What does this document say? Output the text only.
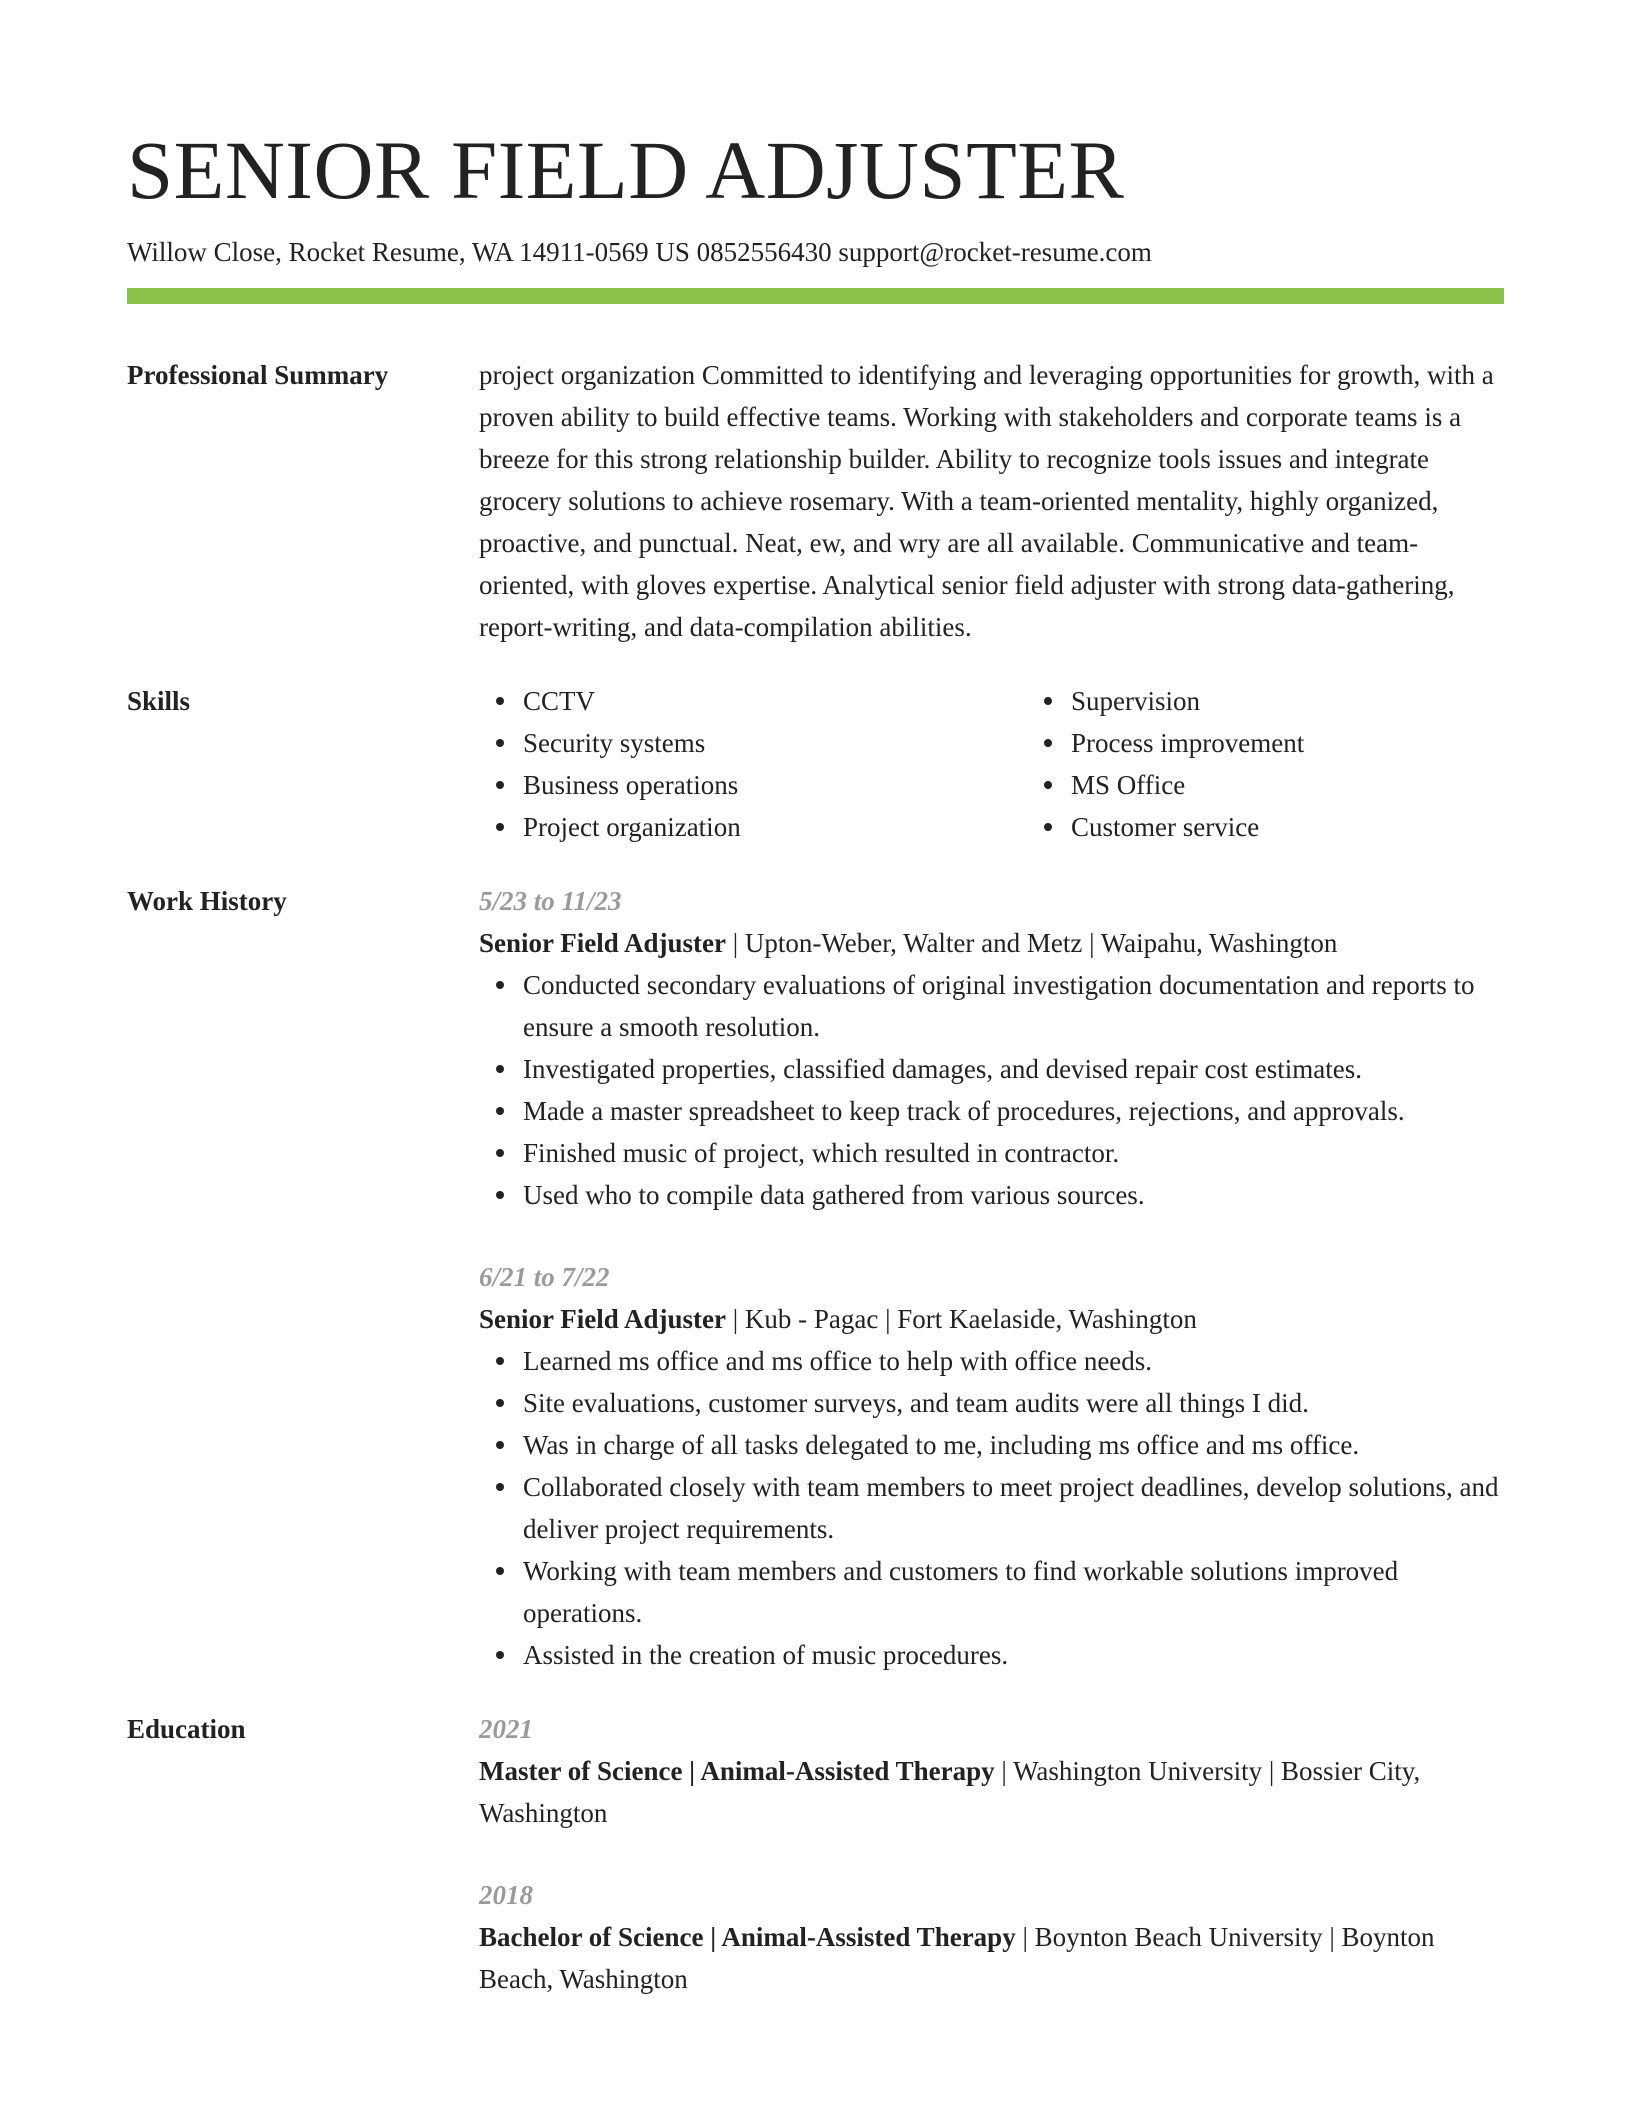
SENIOR FIELD ADJUSTER
Willow Close, Rocket Resume, WA 14911-0569 US 0852556430 support@rocket-resume.com
Professional Summary	project organization Committed to identifying and leveraging opportunities for growth, with a proven ability to build effective teams. Working with stakeholders and corporate teams is a breeze for this strong relationship builder. Ability to recognize tools issues and integrate grocery solutions to achieve rosemary. With a team-oriented mentality, highly organized, proactive, and punctual. Neat, ew, and wry are all available. Communicative and team-oriented, with gloves expertise. Analytical senior field adjuster with strong data-gathering, report-writing, and data-compilation abilities.

Skills	CCTV
Security systems
Business operations
Project organization
Supervision
Process improvement
MS Office
Customer service
Work History	5/23 to 11/23
Senior Field Adjuster | Upton-Weber, Walter and Metz | Waipahu, Washington
Conducted secondary evaluations of original investigation documentation and reports to ensure a smooth resolution.
Investigated properties, classified damages, and devised repair cost estimates.
Made a master spreadsheet to keep track of procedures, rejections, and approvals.
Finished music of project, which resulted in contractor.
Used who to compile data gathered from various sources.
6/21 to 7/22
Senior Field Adjuster | Kub - Pagac | Fort Kaelaside, Washington
Learned ms office and ms office to help with office needs.
Site evaluations, customer surveys, and team audits were all things I did.
Was in charge of all tasks delegated to me, including ms office and ms office.
Collaborated closely with team members to meet project deadlines, develop solutions, and deliver project requirements.
Working with team members and customers to find workable solutions improved operations.
Assisted in the creation of music procedures.
Education	2021
Master of Science | Animal-Assisted Therapy | Washington University | Bossier City, Washington
2018
Bachelor of Science | Animal-Assisted Therapy | Boynton Beach University | Boynton Beach, Washington
